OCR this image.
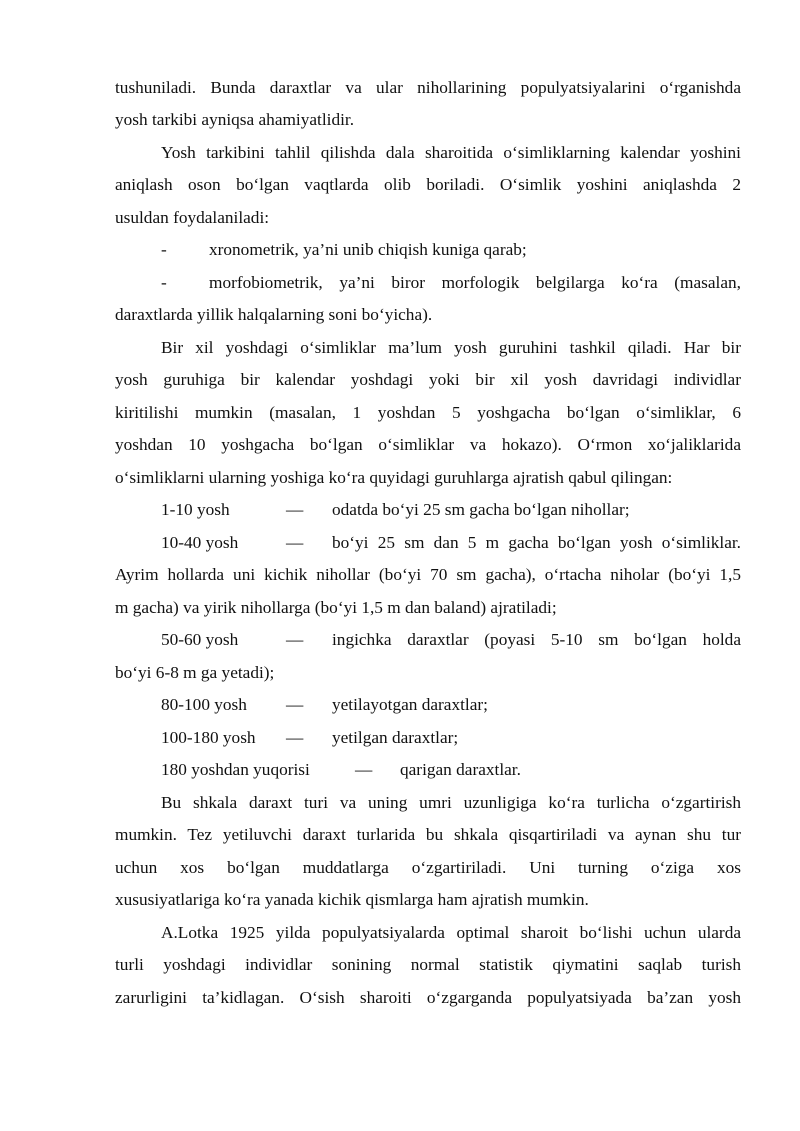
tushuniladi. Bunda daraxtlar va ular nihollarining populyatsiyalarini o‘rganishda
yosh tarkibi ayniqsa ahamiyatlidir.
Yosh tarkibini tahlil qilishda dala sharoitida o‘simliklarning kalendar yoshini
aniqlash oson bo‘lgan vaqtlarda olib boriladi. O‘simlik yoshini aniqlashda 2
usuldan foydalaniladi:
-	xronometrik, ya’ni unib chiqish kuniga qarab;
-	morfobiometrik, ya’ni biror morfologik belgilarga ko‘ra (masalan,
daraxtlarda yillik halqalarning soni bo‘yicha).
Bir xil yoshdagi o‘simliklar ma’lum yosh guruhini tashkil qiladi. Har bir
yosh guruhiga bir kalendar yoshdagi yoki bir xil yosh davridagi individlar
kiritilishi mumkin (masalan, 1 yoshdan 5 yoshgacha bo‘lgan o‘simliklar, 6
yoshdan 10 yoshgacha bo‘lgan o‘simliklar va hokazo). O‘rmon xo‘jaliklarida
o‘simliklarni ularning yoshiga ko‘ra quyidagi guruhlarga ajratish qabul qilingan:
1-10 yosh	— odatda bo‘yi 25 sm gacha bo‘lgan nihollar;
10-40 yosh	— bo‘yi 25 sm dan 5 m gacha bo‘lgan yosh o‘simliklar.
Ayrim hollarda uni kichik nihollar (bo‘yi 70 sm gacha), o‘rtacha niholar (bo‘yi 1,5
m gacha) va yirik nihollarga (bo‘yi 1,5 m dan baland) ajratiladi;
50-60 yosh	— ingichka daraxtlar (poyasi 5-10 sm bo‘lgan holda
bo‘yi 6-8 m ga yetadi);
80-100 yosh — yetilayotgan daraxtlar;
100-180 yosh — yetilgan daraxtlar;
180 yoshdan yuqorisi	— qarigan daraxtlar.
Bu shkala daraxt turi va uning umri uzunligiga ko‘ra turlicha o‘zgartirish
mumkin. Tez yetiluvchi daraxt turlarida bu shkala qisqartiriladi va aynan shu tur
uchun xos bo‘lgan muddatlarga o‘zgartiriladi. Uni turning o‘ziga xos
xususiyatlariga ko‘ra yanada kichik qismlarga ham ajratish mumkin.
A.Lotka 1925 yilda populyatsiyalarda optimal sharoit bo‘lishi uchun ularda
turli yoshdagi individlar sonining normal statistik qiymatini saqlab turish
zarurligini ta’kidlagan. O‘sish sharoiti o‘zgarganda populyatsiyada ba’zan yosh
